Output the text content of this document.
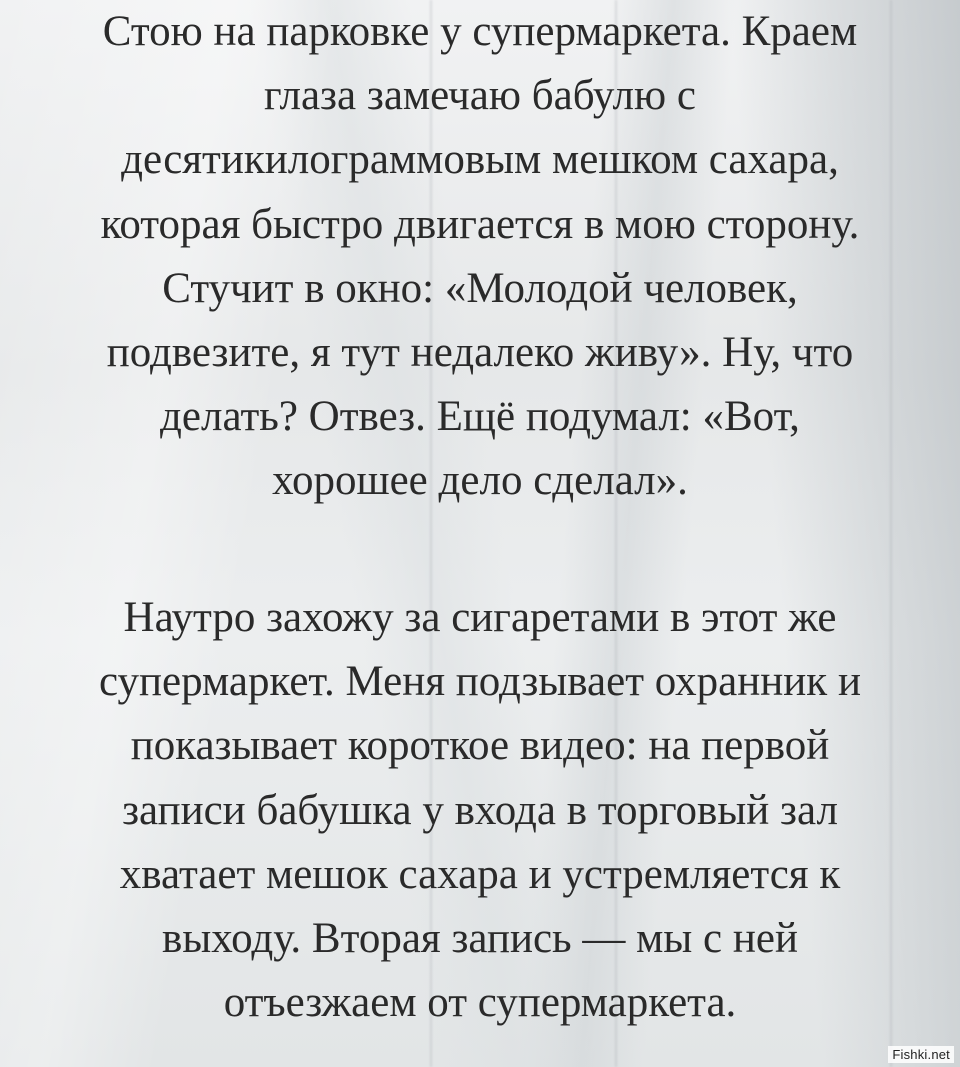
Стою на парковке у супермаркета. Краем
глаза замечаю бабулю с
десятикилограммовым мешком сахара,
которая быстро двигается в мою сторону.
Стучит в окно: «Молодой человек,
подвезите, я тут недалеко живу». Ну, что
делать? Отвез. Ещё подумал: «Вот,
хорошее дело сделал».

Наутро захожу за сигаретами в этот же
супермаркет. Меня подзывает охранник и
показывает короткое видео: на первой
записи бабушка у входа в торговый зал
хватает мешок сахара и устремляется к
выходу. Вторая запись — мы с ней
отъезжаем от супермаркета.

Fishki.net
